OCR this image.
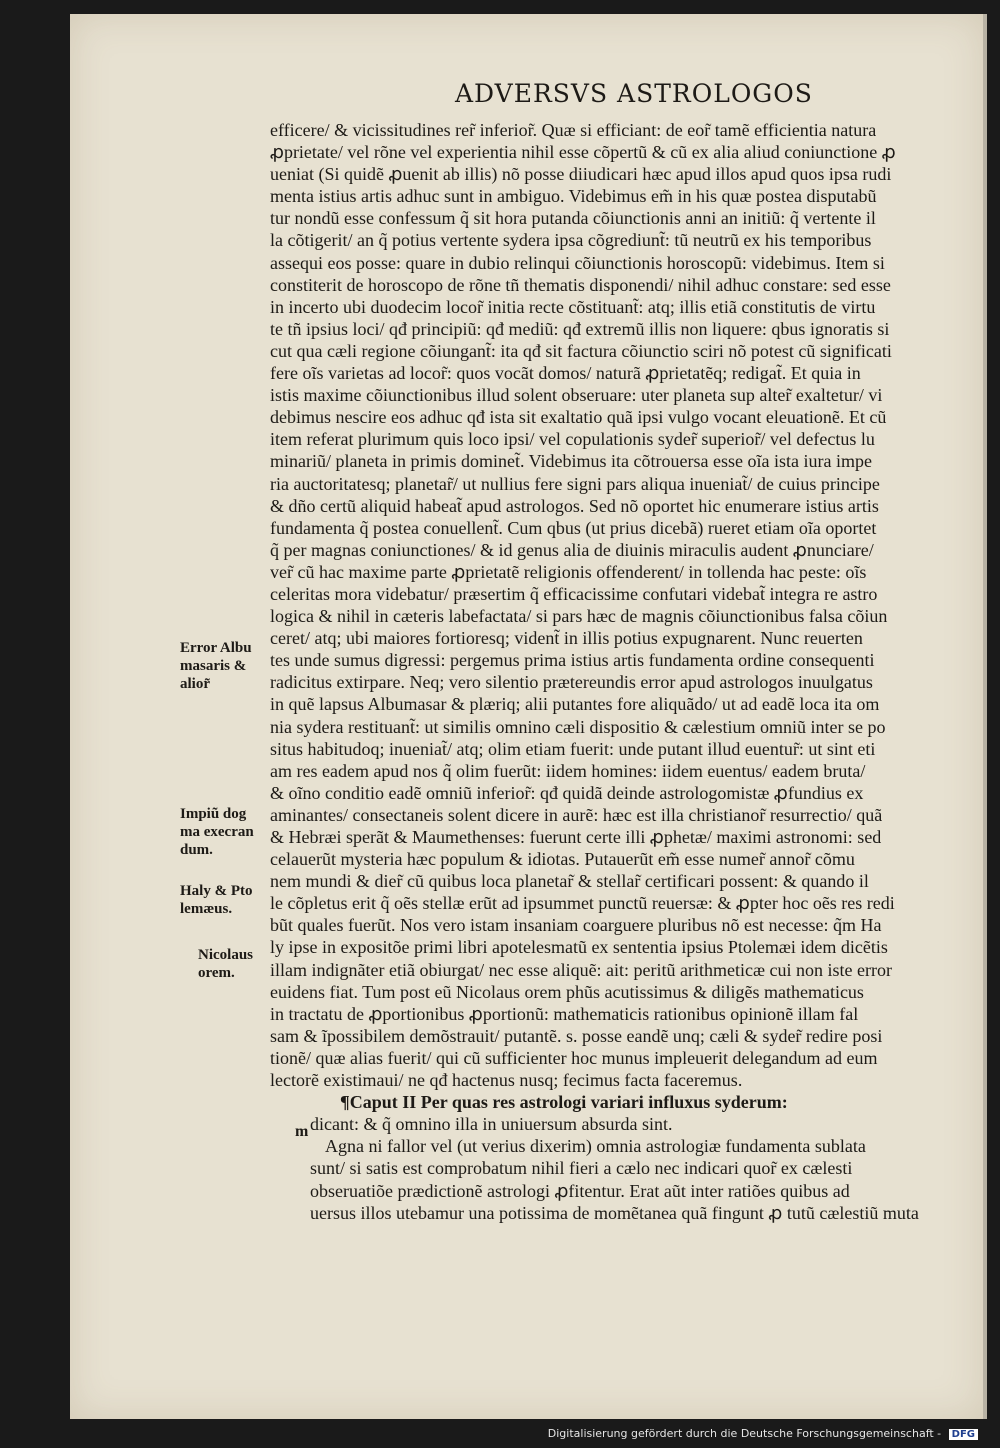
ADVERSVS ASTROLOGOS
efficere/ & vicissitudines rer̃ inferior̃. Quæ si efficiant: de eor̃ tamẽ efficientia natura
ꝓprietate/ vel rõne vel experientia nihil esse cõpertũ & cũ ex alia aliud coniunctione ꝓ
ueniat (Si quidẽ ꝓuenit ab illis) nõ posse diiudicari hæc apud illos apud quos ipsa rudi
menta istius artis adhuc sunt in ambiguo. Videbimus em̃ in his quæ postea disputabũ
tur nondũ esse confessum q̃ sit hora putanda cõiunctionis anni an initiũ: q̃ vertente il
la cõtigerit/ an q̃ potius vertente sydera ipsa cõgrediunt̃: tũ neutrũ ex his temporibus
assequi eos posse: quare in dubio relinqui cõiunctionis horoscopũ: videbimus. Item si
constiterit de horoscopo de rõne tñ thematis disponendi/ nihil adhuc constare: sed esse
in incerto ubi duodecim locor̃ initia recte cõstituant̃: atq; illis etiã constitutis de virtu
te tñ ipsius loci/ qđ principiũ: qđ mediũ: qđ extremũ illis non liquere: qbus ignoratis si
cut qua cæli regione cõiungant̃: ita qđ sit factura cõiunctio sciri nõ potest cũ significati
fere oĩs varietas ad locor̃: quos vocãt domos/ naturã ꝓprietatẽq; redigat̃. Et quia in
istis maxime cõiunctionibus illud solent obseruare: uter planeta sup alter̃ exaltetur/ vi
debimus nescire eos adhuc qđ ista sit exaltatio quã ipsi vulgo vocant eleuationẽ. Et cũ
item referat plurimum quis loco ipsi/ vel copulationis syder̃ superior̃/ vel defectus lu
minariũ/ planeta in primis dominet̃. Videbimus ita cõtrouersa esse oĩa ista iura impe
ria auctoritatesq; planetar̃/ ut nullius fere signi pars aliqua inueniat̃/ de cuius principe
& dño certũ aliquid habeat̃ apud astrologos. Sed nõ oportet hic enumerare istius artis
fundamenta q̃ postea conuellent̃. Cum qbus (ut prius dicebã) rueret etiam oĩa oportet
q̃ per magnas coniunctiones/ & id genus alia de diuinis miraculis audent ꝓnunciare/
ver̃ cũ hac maxime parte ꝓprietatẽ religionis offenderent/ in tollenda hac peste: oĩs
celeritas mora videbatur/ præsertim q̃ efficacissime confutari videbat̃ integra re astro
logica & nihil in cæteris labefactata/ si pars hæc de magnis cõiunctionibus falsa cõiun
ceret/ atq; ubi maiores fortioresq; vident̃ in illis potius expugnarent. Nunc reuerten
tes unde sumus digressi: pergemus prima istius artis fundamenta ordine consequenti
radicitus extirpare. Neq; vero silentio prætereundis error apud astrologos inuulgatus
in quẽ lapsus Albumasar & plæriq; alii putantes fore aliquãdo/ ut ad eadẽ loca ita om
nia sydera restituant̃: ut similis omnino cæli dispositio & cælestium omniũ inter se po
situs habitudoq; inueniat̃/ atq; olim etiam fuerit: unde putant illud euentur̃: ut sint eti
am res eadem apud nos q̃ olim fuerũt: iidem homines: iidem euentus/ eadem bruta/
& oĩno conditio eadẽ omniũ inferior̃: qđ quidã deinde astrologomistæ ꝓfundius ex
aminantes/ consectaneis solent dicere in aurẽ: hæc est illa christianor̃ resurrectio/ quã
& Hebræi sperãt & Maumethenses: fuerunt certe illi ꝓphetæ/ maximi astronomi: sed
celauerũt mysteria hæc populum & idiotas. Putauerũt em̃ esse numer̃ annor̃ cõmu
nem mundi & dier̃ cũ quibus loca planetar̃ & stellar̃ certificari possent: & quando il
le cõpletus erit q̃ oẽs stellæ erũt ad ipsummet punctũ reuersæ: & ꝓpter hoc oẽs res redi
bũt quales fuerũt. Nos vero istam insaniam coarguere pluribus nõ est necesse: q̃m Ha
ly ipse in expositõe primi libri apotelesmatũ ex sententia ipsius Ptolemæi idem dicẽtis
illam indignãter etiã obiurgat/ nec esse aliquẽ: ait: peritũ arithmeticæ cui non iste error
euidens fiat. Tum post eũ Nicolaus orem phũs acutissimus & diligẽs mathematicus
in tractatu de ꝓportionibus ꝓportionũ: mathematicis rationibus opinionẽ illam fal
sam & ĩpossibilem demõstrauit/ putantẽ. s. posse eandẽ unq; cæli & syder̃ redire posi
tionẽ/ quæ alias fuerit/ qui cũ sufficienter hoc munus impleuerit delegandum ad eum
lectorẽ existimaui/ ne qđ hactenus nusq; fecimus facta faceremus.
¶Caput II Per quas res astrologi variari influxus syderum:
dicant: & q̃ omnino illa in uniuersum absurda sint.
Agna ni fallor vel (ut verius dixerim) omnia astrologiæ fundamenta sublata
sunt/ si satis est comprobatum nihil fieri a cælo nec indicari quor̃ ex cælesti
obseruatiõe prædictionẽ astrologi ꝓfitentur. Erat aũt inter ratiões quibus ad
uersus illos utebamur una potissima de momẽtanea quã fingunt ꝓ tutũ cælestiũ muta
Error Albu
masaris &
alior̃
Impiũ dog
ma execran
dum.
Haly & Pto
lemæus.
Nicolaus
orem.
m
Digitalisierung gefördert durch die Deutsche Forschungsgemeinschaft - DFG
